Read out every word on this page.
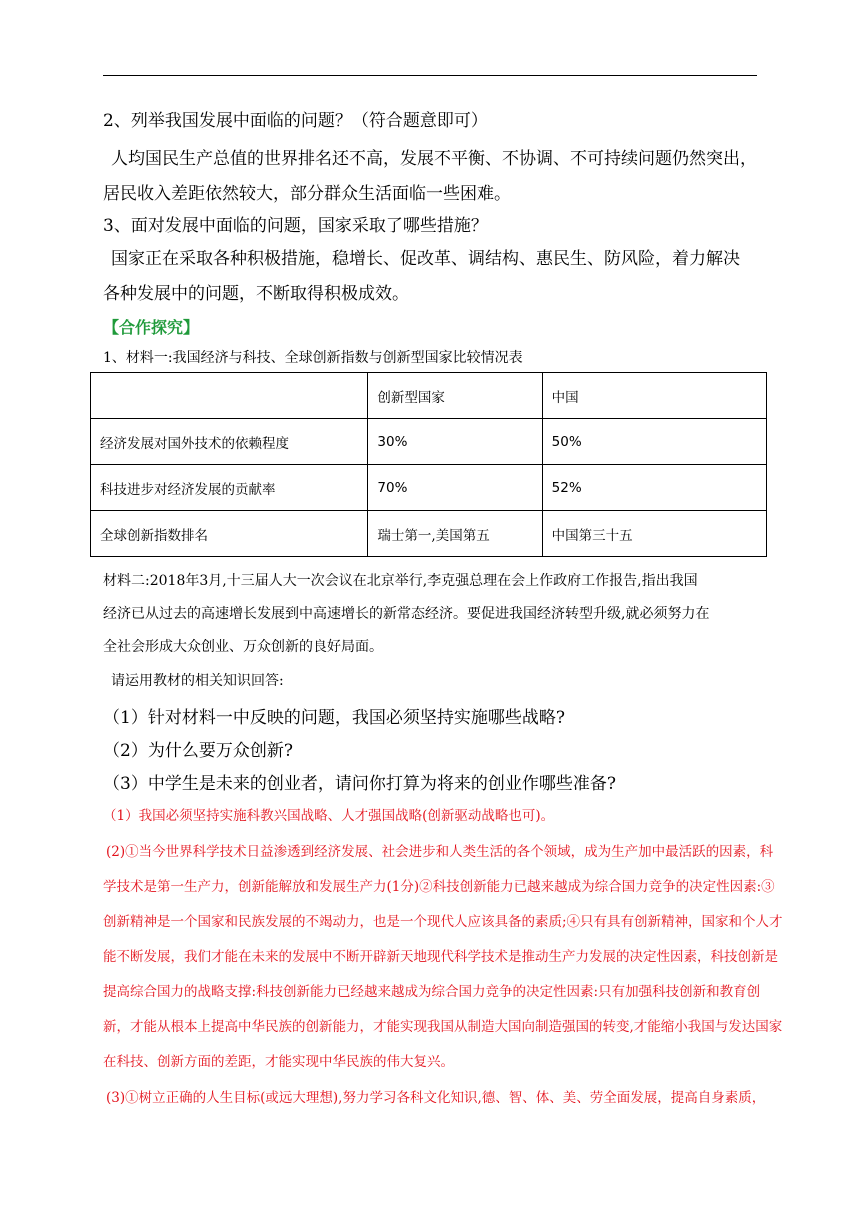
2、列举我国发展中面临的问题？（符合题意即可）
人均国民生产总值的世界排名还不高，发展不平衡、不协调、不可持续问题仍然突出，
居民收入差距依然较大，部分群众生活面临一些困难。
3、面对发展中面临的问题，国家采取了哪些措施？
国家正在采取各种积极措施，稳增长、促改革、调结构、惠民生、防风险，着力解决
各种发展中的问题，不断取得积极成效。
【合作探究】
1、材料一:我国经济与科技、全球创新指数与创新型国家比较情况表
	创新型国家	中国
经济发展对国外技术的依赖程度	30%	50%
科技进步对经济发展的贡献率	70%	52%
全球创新指数排名	瑞士第一,美国第五	中国第三十五
材料二:2018年3月,十三届人大一次会议在北京举行,李克强总理在会上作政府工作报告,指出我国
经济已从过去的高速增长发展到中高速增长的新常态经济。要促进我国经济转型升级,就必须努力在
全社会形成大众创业、万众创新的良好局面。
请运用教材的相关知识回答:
（1）针对材料一中反映的问题，我国必须坚持实施哪些战略?
（2）为什么要万众创新?
（3）中学生是未来的创业者，请问你打算为将来的创业作哪些准备?
（1）我国必须坚持实施科教兴国战略、人才强国战略(创新驱动战略也可)。
(2)①当今世界科学技术日益渗透到经济发展、社会进步和人类生活的各个领域，成为生产加中最活跃的因素，科
学技术是第一生产力，创新能解放和发展生产力(1分)②科技创新能力已越来越成为综合国力竞争的决定性因素:③
创新精神是一个国家和民族发展的不竭动力，也是一个现代人应该具备的素质;④只有具有创新精神，国家和个人才
能不断发展，我们才能在未来的发展中不断开辟新天地现代科学技术是推动生产力发展的决定性因素，科技创新是
提高综合国力的战略支撑:科技创新能力已经越来越成为综合国力竞争的决定性因素:只有加强科技创新和教育创
新，才能从根本上提高中华民族的创新能力，才能实现我国从制造大国向制造强国的转变,才能缩小我国与发达国家
在科技、创新方面的差距，才能实现中华民族的伟大复兴。
(3)①树立正确的人生目标(或远大理想),努力学习各科文化知识,德、智、体、美、劳全面发展，提高自身素质，
